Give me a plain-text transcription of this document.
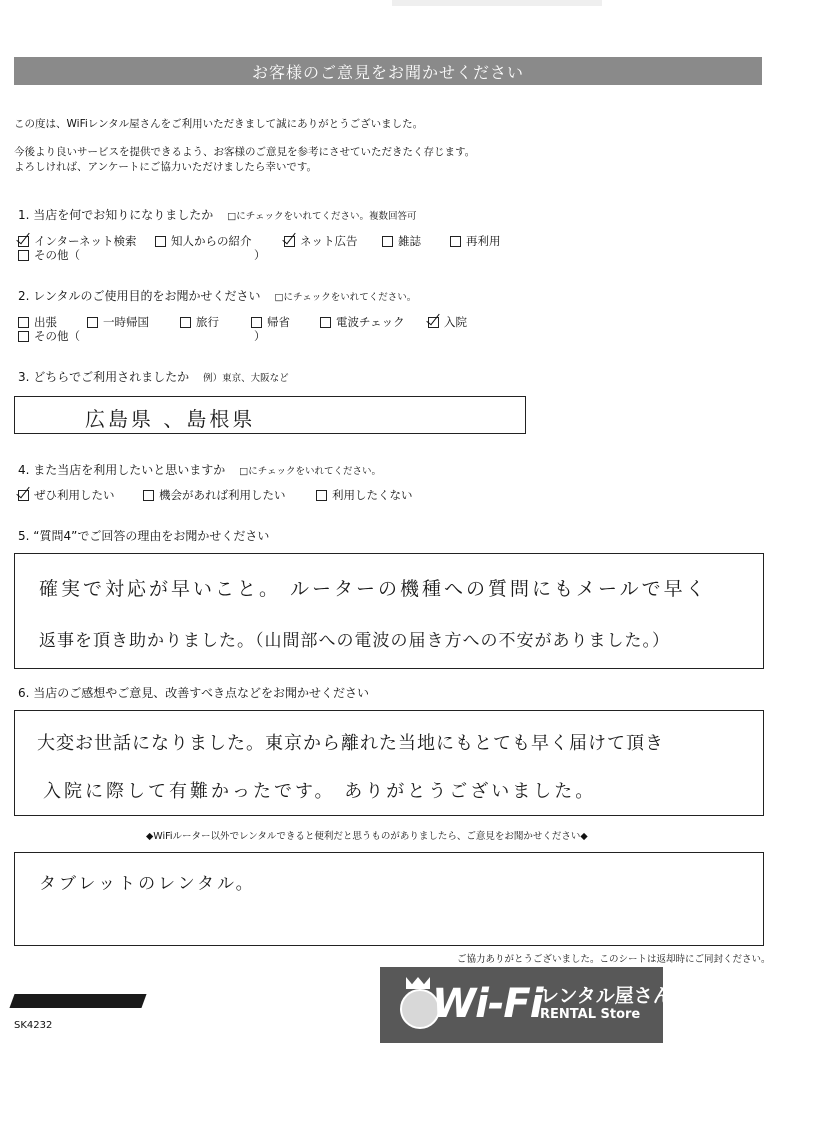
お客様のご意見をお聞かせください
この度は、WiFiレンタル屋さんをご利用いただきまして誠にありがとうございました。
今後より良いサービスを提供できるよう、お客様のご意見を参考にさせていただきたく存じます。
よろしければ、アンケートにご協力いただけましたら幸いです。
1. 当店を何でお知りになりましたか □にチェックをいれてください。複数回答可
インターネット検索	知人からの紹介	ネット広告	雑誌	再利用
その他（	）
2. レンタルのご使用目的をお聞かせください □にチェックをいれてください。
出張	一時帰国	旅行	帰省	電波チェック	入院
その他（	）
3. どちらでご利用されましたか 例）東京、大阪など
広島県 、島根県
4. また当店を利用したいと思いますか □にチェックをいれてください。
ぜひ利用したい	機会があれば利用したい	利用したくない
5. “質問4”でご回答の理由をお聞かせください
確実で対応が早いこと。 ルーターの機種への質問にもメールで早く
返事を頂き助かりました。（山間部への電波の届き方への不安がありました。）
6. 当店のご感想やご意見、改善すべき点などをお聞かせください
大変お世話になりました。東京から離れた当地にもとても早く届けて頂き
入院に際して有難かったです。 ありがとうございました。
◆WiFiルーター以外でレンタルできると便利だと思うものがありましたら、ご意見をお聞かせください◆
タブレットのレンタル。
ご協力ありがとうございました。このシートは返却時にご同封ください。
SK4232	Wi-Fi
レンタル屋さん
RENTAL Store
